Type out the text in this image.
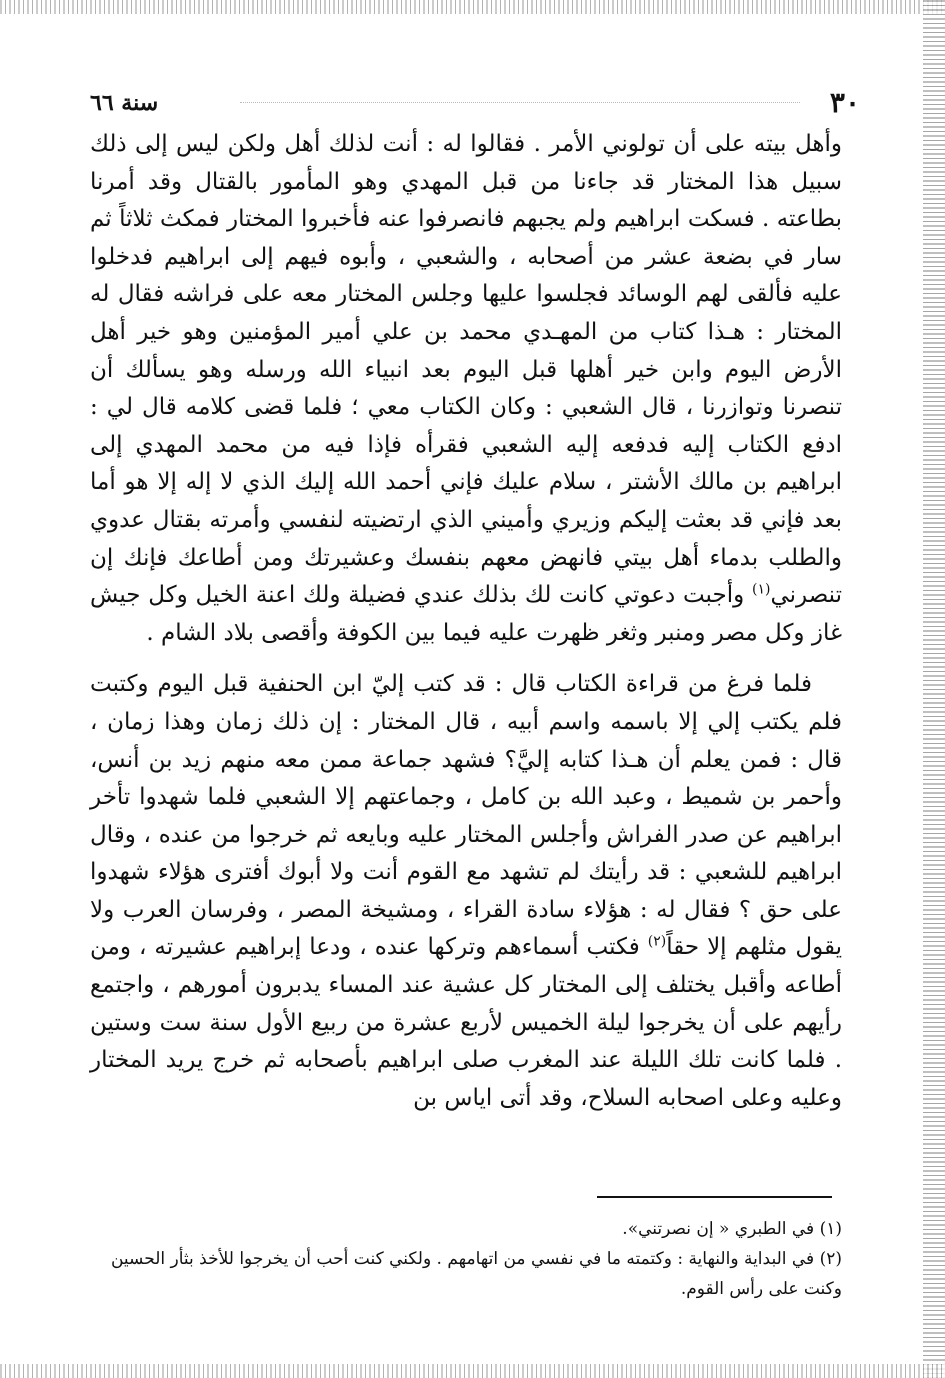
٣٠
سنة ٦٦

وأهل بيته على أن تولوني الأمر . فقالوا له : أنت لذلك أهل ولكن ليس إلى ذلك سبيل هذا المختار قد جاءنا من قبل المهدي وهو المأمور بالقتال وقد أمرنا بطاعته . فسكت ابراهيم ولم يجبهم فانصرفوا عنه فأخبروا المختار فمكث ثلاثاً ثم سار في بضعة عشر من أصحابه ، والشعبي ، وأبوه فيهم إلى ابراهيم فدخلوا عليه فألقى لهم الوسائد فجلسوا عليها وجلس المختار معه على فراشه فقال له المختار : هـذا كتاب من المهـدي محمد بن علي أمير المؤمنين وهو خير أهل الأرض اليوم وابن خير أهلها قبل اليوم بعد انبياء الله ورسله وهو يسألك أن تنصرنا وتوازرنا ، قال الشعبي : وكان الكتاب معي ؛ فلما قضى كلامه قال لي : ادفع الكتاب إليه فدفعه إليه الشعبي فقرأه فإذا فيه من محمد المهدي إلى ابراهيم بن مالك الأشتر ، سلام عليك فإني أحمد الله إليك الذي لا إله إلا هو أما بعد فإني قد بعثت إليكم وزيري وأميني الذي ارتضيته لنفسي وأمرته بقتال عدوي والطلب بدماء أهل بيتي فانهض معهم بنفسك وعشيرتك ومن أطاعك فإنك إن تنصرني$^{(١)}$ وأجبت دعوتي كانت لك بذلك عندي فضيلة ولك اعنة الخيل وكل جيش غاز وكل مصر ومنبر وثغر ظهرت عليه فيما بين الكوفة وأقصى بلاد الشام .

فلما فرغ من قراءة الكتاب قال : قد كتب إليّ ابن الحنفية قبل اليوم وكتبت فلم يكتب إلي إلا باسمه واسم أبيه ، قال المختار : إن ذلك زمان وهذا زمان ، قال : فمن يعلم أن هـذا كتابه إليَّ؟ فشهد جماعة ممن معه منهم زيد بن أنس، وأحمر بن شميط ، وعبد الله بن كامل ، وجماعتهم إلا الشعبي فلما شهدوا تأخر ابراهيم عن صدر الفراش وأجلس المختار عليه وبايعه ثم خرجوا من عنده ، وقال ابراهيم للشعبي : قد رأيتك لم تشهد مع القوم أنت ولا أبوك أفترى هؤلاء شهدوا على حق ؟ فقال له : هؤلاء سادة القراء ، ومشيخة المصر ، وفرسان العرب ولا يقول مثلهم إلا حقاً$^{(٢)}$ فكتب أسماءهم وتركها عنده ، ودعا إبراهيم عشيرته ، ومن أطاعه وأقبل يختلف إلى المختار كل عشية عند المساء يدبرون أمورهم ، واجتمع رأيهم على أن يخرجوا ليلة الخميس لأربع عشرة من ربيع الأول سنة ست وستين . فلما كانت تلك الليلة عند المغرب صلى ابراهيم بأصحابه ثم خرج يريد المختار وعليه وعلى اصحابه السلاح، وقد أتى اياس بن

(١) في الطبري « إن نصرتني».

(٢) في البداية والنهاية : وكتمته ما في نفسي من اتهامهم . ولكني كنت أحب أن يخرجوا للأخذ بثأر الحسين وكنت على رأس القوم.
